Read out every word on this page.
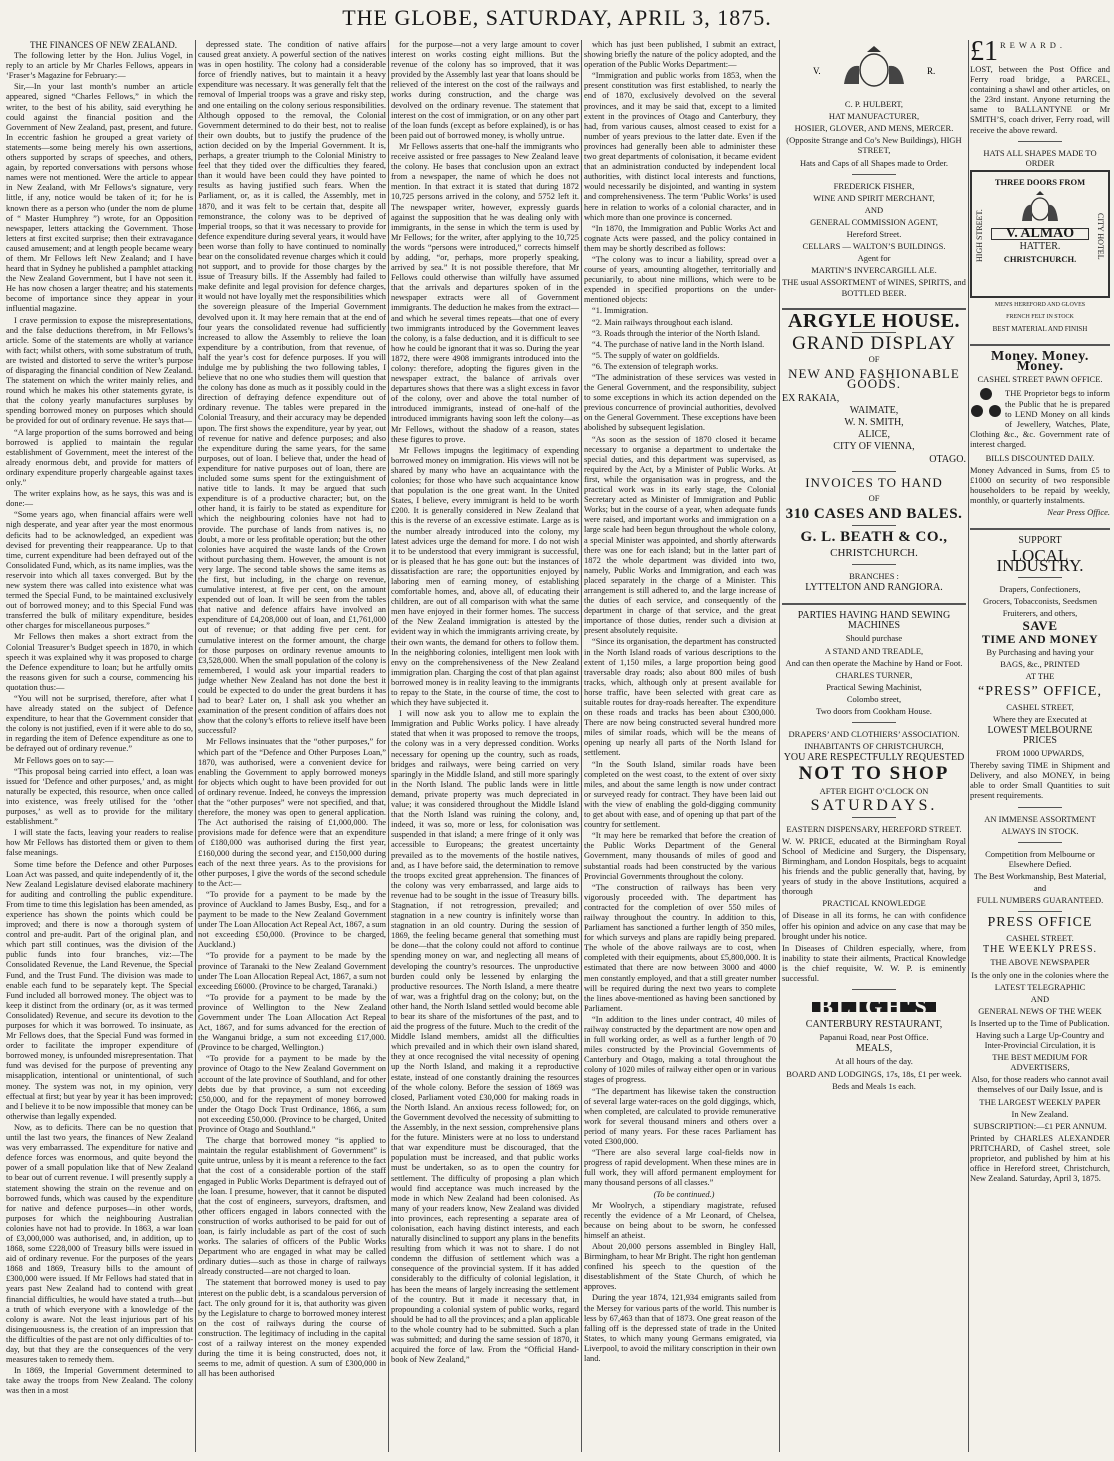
THE GLOBE, SATURDAY, APRIL 3, 1875.

THE FINANCES OF NEW ZEALAND.

The following letter by the Hon. Julius Vogel, in reply to an article by Mr Charles Fellows, appears in ‘Fraser’s Magazine for February:—

Sir,—In your last month’s number an article appeared, signed “Charles Fellows,” in which the writer, to the best of his ability, said everything he could against the financial position and the Government of New Zealand, past, present, and future. In eccentric fashion he grouped a great variety of statements—some being merely his own assertions, others supported by scraps of speeches, and others, again, by reported conversations with persons whose names were not mentioned. Were the article to appear in New Zealand, with Mr Fellows’s signature, very little, if any, notice would be taken of it; for he is known there as a person who (under the nom de plume of “ Master Humphrey ”) wrote, for an Opposition newspaper, letters attacking the Government. Those letters at first excited surprise; then their extravagance caused amusement; and at length people became weary of them. Mr Fellows left New Zealand; and I have heard that in Sydney he published a pamphlet attacking the New Zealand Government, but I have not seen it. He has now chosen a larger theatre; and his statements become of importance since they appear in your influential magazine.

I crave permission to expose the misrepresentations, and the false deductions therefrom, in Mr Fellows’s article. Some of the statements are wholly at variance with fact; whilst others, with some substratum of truth, are twisted and distorted to serve the writer’s purpose of disparaging the financial condition of New Zealand. The statement on which the writer mainly relies, and round which he makes his other statements gyrate, is that the colony yearly manufactures surpluses by spending borrowed money on purposes which should be provided for out of ordinary revenue. He says that—

“A large proportion of the sums borrowed and being borrowed is applied to maintain the regular establishment of Government, meet the interest of the already enormous debt, and provide for matters of ordinary expenditure properly chargeable against taxes only.”

The writer explains how, as he says, this was and is done:—

“Some years ago, when financial affairs were well nigh desperate, and year after year the most enormous deficits had to be acknowledged, an expedient was devised for preventing their reappearance. Up to that time, current expenditure had been defrayed out of the Consolidated Fund, which, as its name implies, was the reservoir into which all taxes converged. But by the new system there was called into existence what was termed the Special Fund, to be maintained exclusively out of borrowed money; and to this Special Fund was transferred the bulk of military expenditure, besides other charges for miscellaneous purposes.”

Mr Fellows then makes a short extract from the Colonial Treasurer’s Budget speech in 1870, in which speech it was explained why it was proposed to charge the Defence expenditure to loan; but he artfully omits the reasons given for such a course, commencing his quotation thus:—

“You will not be surprised, therefore, after what I have already stated on the subject of Defence expenditure, to hear that the Government consider that the colony is not justified, even if it were able to do so, in regarding the item of Defence expenditure as one to be defrayed out of ordinary revenue.”

Mr Fellows goes on to say:—

“This proposal being carried into effect, a loan was issued for ‘Defence and other purposes,’ and, as might naturally be expected, this resource, when once called into existence, was freely utilised for the ‘other purposes,’ as well as to provide for the military establishment.”

I will state the facts, leaving your readers to realise how Mr Fellows has distorted them or given to them false meanings.

Some time before the Defence and other Purposes Loan Act was passed, and quite independently of it, the New Zealand Legislature devised elaborate machinery for auditing and controlling the public expenditure. From time to time this legislation has been amended, as experience has shown the points which could be improved; and there is now a thorough system of control and pre-audit. Part of the original plan, and which part still continues, was the division of the public funds into four branches, viz:—The Consolidated Revenue, the Land Revenue, the Special Fund, and the Trust Fund. The division was made to enable each fund to be separately kept. The Special Fund included all borrowed money. The object was to keep it distinct from the ordinary (or, as it was termed Consolidated) Revenue, and secure its devotion to the purposes for which it was borrowed. To insinuate, as Mr Fellows does, that the Special Fund was formed in order to facilitate the improper expenditure of borrowed money, is unfounded misrepresentation. That fund was devised for the purpose of preventing any misapplication, intentional or unintentional, of such money. The system was not, in my opinion, very effectual at first; but year by year it has been improved; and I believe it to be now impossible that money can be otherwise than legally expended.

Now, as to deficits. There can be no question that until the last two years, the finances of New Zealand was very embarrassed. The expenditure for native and defence forces was enormous, and quite beyond the power of a small population like that of New Zealand to bear out of current revenue. I will presently supply a statement showing the strain on the revenue and on borrowed funds, which was caused by the expenditure for native and defence purposes—in other words, purposes for which the neighbouring Australian colonies have not had to provide. In 1863, a war loan of £3,000,000 was authorised, and, in addition, up to 1868, some £228,000 of Treasury bills were issued in aid of ordinary revenue. For the purposes of the years 1868 and 1869, Treasury bills to the amount of £300,000 were issued. If Mr Fellows had stated that in years past New Zealand had to contend with great financial difficulties, he would have stated a truth—but a truth of which everyone with a knowledge of the colony is aware. Not the least injurious part of his disingenuousness is, the creation of an impression that the difficulties of the past are not only difficulties of to-day, but that they are the consequences of the very measures taken to remedy them.

In 1869, the Imperial Government determined to take away the troops from New Zealand. The colony was then in a most

depressed state. The condition of native affairs caused great anxiety. A powerful section of the natives was in open hostility. The colony had a considerable force of friendly natives, but to maintain it a heavy expenditure was necessary. It was generally felt that the removal of Imperial troops was a grave and risky step, and one entailing on the colony serious responsibilities. Although opposed to the removal, the Colonial Government determined to do their best, not to realise their own doubts, but to justify the prudence of the action decided on by the Imperial Government. It is, perhaps, a greater triumph to the Colonial Ministry to feel that they tided over the difficulties they feared, than it would have been could they have pointed to results as having justified such fears. When the Parliament, or, as it is called, the Assembly, met in 1870, and it was felt to be certain that, despite all remonstrance, the colony was to be deprived of Imperial troops, so that it was necessary to provide for defence expenditure during several years, it would have been worse than folly to have continued to nominally bear on the consolidated revenue charges which it could not support, and to provide for those charges by the issue of Treasury bills. If the Assembly had failed to make definite and legal provision for defence charges, it would not have loyally met the responsibilities which the sovereign pleasure of the Imperial Government devolved upon it. It may here remain that at the end of four years the consolidated revenue had sufficiently increased to allow the Assembly to relieve the loan expenditure by a contribution, from that revenue, of half the year’s cost for defence purposes. If you will indulge me by publishing the two following tables, I believe that no one who studies them will question that the colony has done as much as it possibly could in the direction of defraying defence expenditure out of ordinary revenue. The tables were prepared in the Colonial Treasury, and their accuracy may be depended upon. The first shows the expenditure, year by year, out of revenue for native and defence purposes; and also the expenditure during the same years, for the same purposes, out of loan. I believe that, under the head of expenditure for native purposes out of loan, there are included some sums spent for the extinguishment of native title to lands. It may be argued that such expenditure is of a productive character; but, on the other hand, it is fairly to be stated as expenditure for which the neighbouring colonies have not had to provide. The purchase of lands from natives is, no doubt, a more or less profitable operation; but the other colonies have acquired the waste lands of the Crown without purchasing them. However, the amount is not very large. The second table shows the same items as the first, but including, in the charge on revenue, cumulative interest, at five per cent, on the amount expended out of loan. It will be seen from the tables that native and defence affairs have involved an expenditure of £4,208,000 out of loan, and £1,761,000 out of revenue; or that adding five per cent. for cumulative interest on the former amount, the charge for those purposes on ordinary revenue amounts to £3,528,000. When the small population of the colony is remembered, I would ask your impartial readers to judge whether New Zealand has not done the best it could be expected to do under the great burdens it has had to bear? Later on, I shall ask you whether an examination of the present condition of affairs does not show that the colony’s efforts to relieve itself have been successful?

Mr Fellows insinuates that the “other purposes,” for which part of the “Defence and Other Purposes Loan,” 1870, was authorised, were a convenient device for enabling the Government to apply borrowed moneys for objects which ought to have been provided for out of ordinary revenue. Indeed, he conveys the impression that the “other purposes” were not specified, and that, therefore, the money was open to general application. The Act authorised the raising of £1,000,000. The provisions made for defence were that an expenditure of £180,000 was authorised during the first year, £160,000 during the second year, and £150,000 during each of the next three years. As to the provisions for other purposes, I give the words of the second schedule to the Act:—

“To provide for a payment to be made by the province of Auckland to James Busby, Esq., and for a payment to be made to the New Zealand Government under The Loan Allocation Act Repeal Act, 1867, a sum not exceeding £50,000. (Province to be charged, Auckland.)

“To provide for a payment to be made by the province of Taranaki to the New Zealand Government under The Loan Allocation Repeal Act, 1867, a sum not exceeding £6000. (Province to be charged, Taranaki.)

“To provide for a payment to be made by the province of Wellington to the New Zealand Government under The Loan Allocation Act Repeal Act, 1867, and for sums advanced for the erection of the Wanganui bridge, a sum not exceeding £17,000. (Province to be charged, Wellington.)

“To provide for a payment to be made by the province of Otago to the New Zealand Government on account of the late province of Southland, and for other debts due by that province, a sum not exceeding £50,000, and for the repayment of money borrowed under the Otago Dock Trust Ordinance, 1866, a sum not exceeding £50,000. (Province to be charged, United Province of Otago and Southland.”

The charge that borrowed money “is applied to maintain the regular establishment of Government” is quite untrue, unless by it is meant a reference to the fact that the cost of a considerable portion of the staff engaged in Public Works Department is defrayed out of the loan. I presume, however, that it cannot be disputed that the cost of engineers, surveyors, draftsmen, and other officers engaged in labors connected with the construction of works authorised to be paid for out of loan, is fairly includable as part of the cost of such works. The salaries of officers of the Public Works Department who are engaged in what may be called ordinary duties—such as those in charge of railways already constructed—are not charged to loan.

The statement that borrowed money is used to pay interest on the public debt, is a scandalous perversion of fact. The only ground for it is, that authority was given by the Legislature to charge to borrowed money interest on the cost of railways during the course of construction. The legitimacy of including in the capital cost of a railway interest on the money expended during the time it is being constructed, does not, it seems to me, admit of question. A sum of £300,000 in all has been authorised

for the purpose—not a very large amount to cover interest on works costing eight millions. But the revenue of the colony has so improved, that it was provided by the Assembly last year that loans should be relieved of the interest on the cost of the railways and works during construction, and the charge was devolved on the ordinary revenue. The statement that interest on the cost of immigration, or on any other part of the loan funds (except as before explained), is or has been paid out of borrowed money, is wholly untrue.

Mr Fellows asserts that one-half the immigrants who receive assisted or free passages to New Zealand leave the colony. He bases that conclusion upon an extract from a newspaper, the name of which he does not mention. In that extract it is stated that during 1872 10,725 persons arrived in the colony, and 5752 left it. The newspaper writer, however, expressly guards against the supposition that he was dealing only with immigrants, in the sense in which the term is used by Mr Fellows; for the writer, after applying to the 10,725 the words “persons were introduced,” corrects himself by adding, “or, perhaps, more properly speaking, arrived by sea.” It is not possible therefore, that Mr Fellows could otherwise than wilfully have assumed that the arrivals and departures spoken of in the newspaper extracts were all of Government immigrants. The deduction he makes from the extract—and which he several times repeats—that one of every two immigrants introduced by the Government leaves the colony, is a false deduction, and it is difficult to see how he could be ignorant that it was so. During the year 1872, there were 4908 immigrants introduced into the colony: therefore, adopting the figures given in the newspaper extract, the balance of arrivals over departures shows that there was a slight excess in favor of the colony, over and above the total number of introduced immigrants, instead of one-half of the introduced immigrants having soon left the colony—as Mr Fellows, without the shadow of a reason, states these figures to prove.

Mr Fellows impugns the legitimacy of expending borrowed money on immigration. His views will not be shared by many who have an acquaintance with the colonies; for those who have such acquaintance know that population is the one great want. In the United States, I believe, every immigrant is held to be worth £200. It is generally considered in New Zealand that this is the reverse of an excessive estimate. Large as is the number already introduced into the colony, my latest advices urge the demand for more. I do not wish it to be understood that every immigrant is successful, or is pleased that he has gone out: but the instances of dissatisfaction are rare; the opportunities enjoyed by laboring men of earning money, of establishing comfortable homes, and, above all, of educating their children, are out of all comparison with what the same men have enjoyed in their former homes. The success of the New Zealand immigration is attested by the evident way in which the immigrants arriving create, by their own wants, the demand for others to follow them. In the neighboring colonies, intelligent men look with envy on the comprehensiveness of the New Zealand immigration plan. Charging the cost of that plan against borrowed money is in reality leaving to the immigrants to repay to the State, in the course of time, the cost to which they have subjected it.

I will now ask you to allow me to explain the Immigration and Public Works policy. I have already stated that when it was proposed to remove the troops, the colony was in a very depressed condition. Works necessary for opening up the country, such as roads, bridges and railways, were being carried on very sparingly in the Middle Island, and still more sparingly in the North Island. The public lands were in little demand, private property was much depreciated in value; it was considered throughout the Middle Island that the North Island was ruining the colony, and, indeed, it was so, more or less, for colonisation was suspended in that island; a mere fringe of it only was accessible to Europeans; the greatest uncertainty prevailed as to the movements of the hostile natives, and, as I have before said, the determination to remove the troops excited great apprehension. The finances of the colony was very embarrassed, and large aids to revenue had to be sought in the issue of Treasury bills. Stagnation, if not retrogression, prevailed; and stagnation in a new country is infinitely worse than stagnation in an old country. During the session of 1869, the feeling became general that something must be done—that the colony could not afford to continue spending money on war, and neglecting all means of developing the country’s resources. The unproductive burden could only be lessened by enlarging the productive resources. The North Island, a mere theatre of war, was a frightful drag on the colony; but, on the other hand, the North Island settled would become able to bear its share of the misfortunes of the past, and to aid the progress of the future. Much to the credit of the Middle Island members, amidst all the difficulties which prevailed and in which their own island shared, they at once recognised the vital necessity of opening up the North Island, and making it a reproductive estate, instead of one constantly draining the resources of the whole colony. Before the session of 1869 was closed, Parliament voted £30,000 for making roads in the North Island. An anxious recess followed; for, on the Government devolved the necessity of submitting to the Assembly, in the next session, comprehensive plans for the future. Ministers were at no loss to understand that war expenditure must be discouraged, that the population must be increased, and that public works must be undertaken, so as to open the country for settlement. The difficulty of proposing a plan which would find acceptance was much increased by the mode in which New Zealand had been colonised. As many of your readers know, New Zealand was divided into provinces, each representing a separate area of colonisation, each having distinct interests, and each naturally disinclined to support any plans in the benefits resulting from which it was not to share. I do not condemn the diffusion of settlement which was a consequence of the provincial system. If it has added considerably to the difficulty of colonial legislation, it has been the means of largely increasing the settlement of the country. But it made it necessary that, in propounding a colonial system of public works, regard should be had to all the provinces; and a plan applicable to the whole country had to be submitted. Such a plan was submitted; and during the same session of 1870, it acquired the force of law. From the “Official Hand-book of New Zealand,”

which has just been published, I submit an extract, showing briefly the nature of the policy adopted, and the operation of the Public Works Department:—

“Immigration and public works from 1853, when the present constitution was first established, to nearly the end of 1870, exclusively devolved on the several provinces, and it may be said that, except to a limited extent in the provinces of Otago and Canterbury, they had, from various causes, almost ceased to exist for a number of years previous to the latter date. Even if the provinces had generally been able to administer these two great departments of colonisation, it became evident that an administration conducted by independent local authorities, with distinct local interests and functions, would necessarily be disjointed, and wanting in system and comprehensiveness. The term ‘Public Works’ is used here in relation to works of a colonial character, and in which more than one province is concerned.

“In 1870, the Immigration and Public Works Act and cognate Acts were passed, and the policy contained in them may be shortly described as follows:

“The colony was to incur a liability, spread over a course of years, amounting altogether, territorially and pecuniarily, to about nine millions, which were to be expended in specified proportions on the under-mentioned objects:

“1. Immigration.

“2. Main railways throughout each island.

“3. Roads through the interior of the North Island.

“4. The purchase of native land in the North Island.

“5. The supply of water on goldfields.

“6. The extension of telegraph works.

“The administration of these services was vested in the General Government, and the responsibility, subject to some exceptions in which its action depended on the previous concurrence of provincial authorities, devolved on the General Government. These exceptions have been abolished by subsequent legislation.

“As soon as the session of 1870 closed it became necessary to organise a department to undertake the special duties, and this department was supervised, as required by the Act, by a Minister of Public Works. At first, while the organisation was in progress, and the practical work was in its early stage, the Colonial Secretary acted as Minister of Immigration and Public Works; but in the course of a year, when adequate funds were raised, and important works and immigration on a large scale had been begun throughout the whole colony, a special Minister was appointed, and shortly afterwards there was one for each island; but in the latter part of 1872 the whole department was divided into two, namely, Public Works and Immigration, and each was placed separately in the charge of a Minister. This arrangement is still adhered to, and the large increase of the duties of each service, and consequently of the department in charge of that service, and the great importance of those duties, render such a division at present absolutely requisite.

“Since its organisation, the department has constructed in the North Island roads of various descriptions to the extent of 1,150 miles, a large proportion being good traversable dray roads; also about 800 miles of bush tracks, which, although only at present available for horse traffic, have been selected with great care as suitable routes for dray-roads hereafter. The expenditure on these roads and tracks has been about £300,000. There are now being constructed several hundred more miles of similar roads, which will be the means of opening up nearly all parts of the North Island for settlement.

“In the South Island, similar roads have been completed on the west coast, to the extent of over sixty miles, and about the same length is now under contract or surveyed ready for contract. They have been laid out with the view of enabling the gold-digging community to get about with ease, and of opening up that part of the country for settlement.

“It may here be remarked that before the creation of the Public Works Department of the General Government, many thousands of miles of good and substantial roads had been constructed by the various Provincial Governments throughout the colony.

“The construction of railways has been very vigorously proceeded with. The department has contracted for the completion of over 550 miles of railway throughout the country. In addition to this, Parliament has sanctioned a further length of 350 miles, for which surveys and plans are rapidly being prepared. The whole of the above railways are to cost, when completed with their equipments, about £5,800,000. It is estimated that there are now between 3000 and 4000 men constantly employed, and that a still greater number will be required during the next two years to complete the lines above-mentioned as having been sanctioned by Parliament.

“In addition to the lines under contract, 40 miles of railway constructed by the department are now open and in full working order, as well as a further length of 70 miles constructed by the Provincial Governments of Canterbury and Otago, making a total throughout the colony of 1020 miles of railway either open or in various stages of progress.

“The department has likewise taken the construction of several large water-races on the gold diggings, which, when completed, are calculated to provide remunerative work for several thousand miners and others over a period of many years. For these races Parliament has voted £300,000.

“There are also several large coal-fields now in progress of rapid development. When these mines are in full work, they will afford permanent employment for many thousand persons of all classes.”

(To be continued.)

Mr Woolrych, a stipendiary magistrate, refused recently the evidence of a Mr Leonard, of Chelsea, because on being about to be sworn, he confessed himself an atheist.

About 20,000 persons assembled in Bingley Hall, Birmingham, to hear Mr Bright. The right hon gentleman confined his speech to the question of the disestablishment of the State Church, of which he approves.

During the year 1874, 121,934 emigrants sailed from the Mersey for various parts of the world. This number is less by 67,463 than that of 1873. One great reason of the falling off is the depressed state of trade in the United States, to which many young Germans emigrated, via Liverpool, to avoid the military conscription in their own land.

V.	R.
C. P. HULBERT,
HAT MANUFACTURER,
HOSIER, GLOVER, AND MENS, MERCER.
(Opposite Strange and Co’s New Buildings), HIGH STREET,
Hats and Caps of all Shapes made to Order.
FREDERICK FISHER,
WINE AND SPIRIT MERCHANT,
AND
GENERAL COMMISSION AGENT,
Hereford Street.
CELLARS — WALTON’S BUILDINGS.
Agent for
MARTIN’S INVERCARGILL ALE.
THE usual ASSORTMENT of WINES, SPIRITS, and BOTTLED BEER.
ARGYLE HOUSE.
GRAND DISPLAY
OF
NEW AND FASHIONABLE GOODS.
EX RAKAIA,
WAIMATE,
W. N. SMITH,
ALICE,
CITY OF VIENNA,
OTAGO.
INVOICES TO HAND
OF
310 CASES AND BALES.
G. L. BEATH & CO.,
CHRISTCHURCH.
BRANCHES :
LYTTELTON AND RANGIORA.
PARTIES HAVING HAND SEWING MACHINES
Should purchase
A STAND AND TREADLE,
And can then operate the Machine by Hand or Foot.
CHARLES TURNER,
Practical Sewing Machinist,
Colombo street,
Two doors from Cookham House.
DRAPERS’ AND CLOTHIERS’ ASSOCIATION.
INHABITANTS OF CHRISTCHURCH,
YOU ARE RESPECTFULLY REQUESTED
NOT TO SHOP
AFTER EIGHT O’CLOCK ON
SATURDAYS.
EASTERN DISPENSARY, HEREFORD STREET.
W. W. PRICE, educated at the Birmingham Royal School of Medicine and Surgery, the Dispensary, Birmingham, and London Hospitals, begs to acquaint his friends and the public generally that, having, by years of study in the above Institutions, acquired a thorough
PRACTICAL KNOWLEDGE
of Disease in all its forms, he can with confidence offer his opinion and advice on any case that may be brought under his notice.
In Diseases of Children especially, where, from inability to state their ailments, Practical Knowledge is the chief requisite, W. W. P. is eminently successful.
BLIGH'S
CANTERBURY RESTAURANT,
Papanui Road, near Post Office.
MEALS,
At all hours of the day.
BOARD AND LODGINGS, 17s, 18s, £1 per week.
Beds and Meals 1s each.
£1 REWARD.
LOST, between the Post Office and Ferry road bridge, a PARCEL, containing a shawl and other articles, on the 23rd instant. Anyone returning the same to BALLANTYNE or Mr SMITH’S, coach driver, Ferry road, will receive the above reward.
HATS ALL SHAPES MADE TO ORDER
THREE DOORS FROM
HIGH STREET.	CITY HOTEL
V. ALMAO
HATTER.
CHRISTCHURCH.
MEN'S HEREFORD AND GLOVES
FRENCH FELT IN STOCK
BEST MATERIAL AND FINISH
Money. Money. Money.
CASHEL STREET PAWN OFFICE.
THE Proprietor begs to inform the Public that he is prepared to LEND Money on all kinds of Jewellery, Watches, Plate, Clothing &c., &c. Government rate of interest charged.
BILLS DISCOUNTED DAILY.
Money Advanced in Sums, from £5 to £1000 on security of two responsible householders to be repaid by weekly, monthly, or quarterly instalments.
Near Press Office.
SUPPORT
LOCAL INDUSTRY.
Drapers, Confectioners,
Grocers, Tobacconists, Seedsmen
Fruiterers, and others,
SAVE
TIME AND MONEY
By Purchasing and having your
BAGS, &c., PRINTED
AT THE
“PRESS” OFFICE,
CASHEL STREET,
Where they are Executed at
LOWEST MELBOURNE PRICES
FROM 1000 UPWARDS,
Thereby saving TIME in Shipment and Delivery, and also MONEY, in being able to order Small Quantities to suit present requirements.
AN IMMENSE ASSORTMENT
ALWAYS IN STOCK.
Competition from Melbourne or Elsewhere Defied.
The Best Workmanship, Best Material,
and
FULL NUMBERS GUARANTEED.
PRESS OFFICE
CASHEL STREET.
THE WEEKLY PRESS.
THE ABOVE NEWSPAPER
Is the only one in the colonies where the
LATEST TELEGRAPHIC
AND
GENERAL NEWS OF THE WEEK
Is Inserted up to the Time of Publication.
Having such a Large Up-Country and Inter-Provincial Circulation, it is
THE BEST MEDIUM FOR ADVERTISERS,
Also, for those readers who cannot avail themselves of our Daily Issue, and is
THE LARGEST WEEKLY PAPER
In New Zealand.
SUBSCRIPTION:—£1 PER ANNUM.
Printed by CHARLES ALEXANDER PRITCHARD, of Cashel street, sole proprietor, and published by him at his office in Hereford street, Christchurch, New Zealand. Saturday, April 3, 1875.
